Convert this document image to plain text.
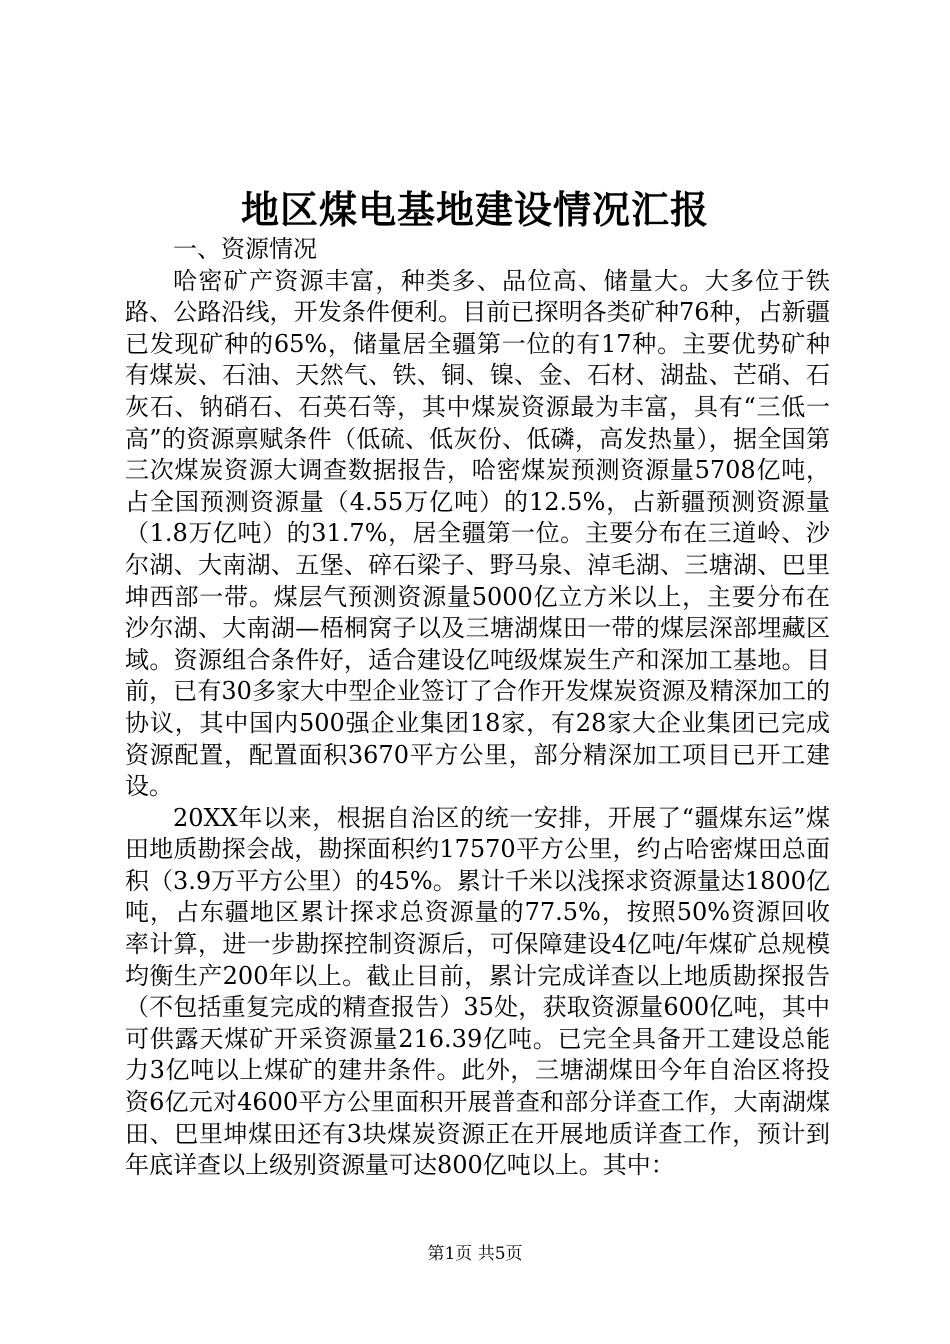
地区煤电基地建设情况汇报

一、资源情况

哈密矿产资源丰富，种类多、品位高、储量大。大多位于铁路、公路沿线，开发条件便利。目前已探明各类矿种76种，占新疆已发现矿种的65%，储量居全疆第一位的有17种。主要优势矿种有煤炭、石油、天然气、铁、铜、镍、金、石材、湖盐、芒硝、石灰石、钠硝石、石英石等，其中煤炭资源最为丰富，具有“三低一高”的资源禀赋条件（低硫、低灰份、低磷，高发热量），据全国第三次煤炭资源大调查数据报告，哈密煤炭预测资源量5708亿吨，占全国预测资源量（4.55万亿吨）的12.5%，占新疆预测资源量（1.8万亿吨）的31.7%，居全疆第一位。主要分布在三道岭、沙尔湖、大南湖、五堡、碎石梁子、野马泉、淖毛湖、三塘湖、巴里坤西部一带。煤层气预测资源量5000亿立方米以上，主要分布在沙尔湖、大南湖—梧桐窝子以及三塘湖煤田一带的煤层深部埋藏区域。资源组合条件好，适合建设亿吨级煤炭生产和深加工基地。目前，已有30多家大中型企业签订了合作开发煤炭资源及精深加工的协议，其中国内500强企业集团18家，有28家大企业集团已完成资源配置，配置面积3670平方公里，部分精深加工项目已开工建设。

20XX年以来，根据自治区的统一安排，开展了“疆煤东运”煤田地质勘探会战，勘探面积约17570平方公里，约占哈密煤田总面积（3.9万平方公里）的45%。累计千米以浅探求资源量达1800亿吨，占东疆地区累计探求总资源量的77.5%，按照50%资源回收率计算，进一步勘探控制资源后，可保障建设4亿吨/年煤矿总规模均衡生产200年以上。截止目前，累计完成详查以上地质勘探报告（不包括重复完成的精查报告）35处，获取资源量600亿吨，其中可供露天煤矿开采资源量216.39亿吨。已完全具备开工建设总能力3亿吨以上煤矿的建井条件。此外，三塘湖煤田今年自治区将投资6亿元对4600平方公里面积开展普查和部分详查工作，大南湖煤田、巴里坤煤田还有3块煤炭资源正在开展地质详查工作，预计到年底详查以上级别资源量可达800亿吨以上。其中：

第1页 共5页
